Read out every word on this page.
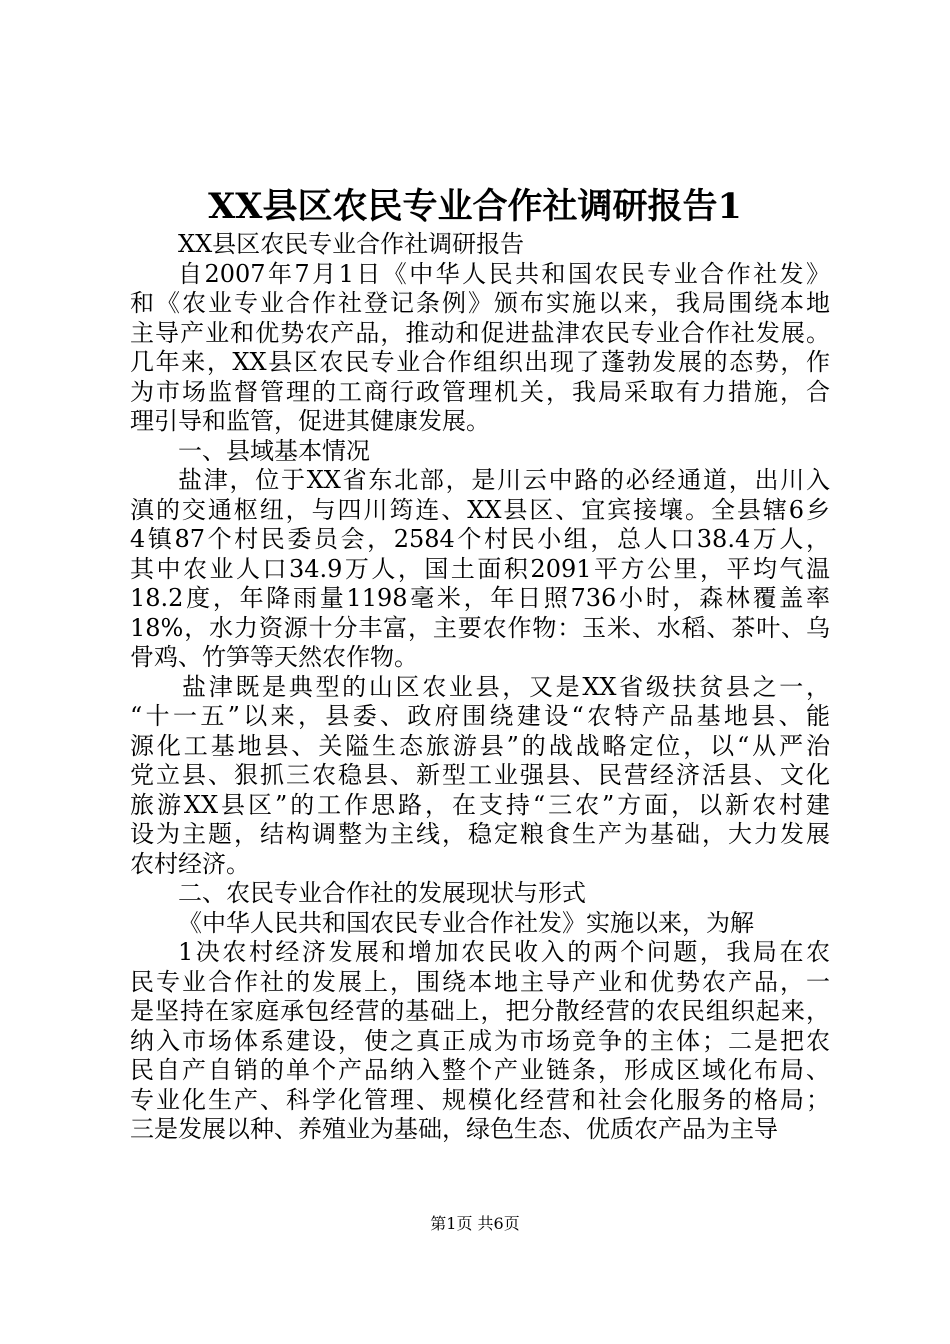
XX县区农民专业合作社调研报告1
XX县区农民专业合作社调研报告
自2007年7月1日《中华人民共和国农民专业合作社发》
和《农业专业合作社登记条例》颁布实施以来，我局围绕本地
主导产业和优势农产品，推动和促进盐津农民专业合作社发展。
几年来，XX县区农民专业合作组织出现了蓬勃发展的态势，作
为市场监督管理的工商行政管理机关，我局采取有力措施，合
理引导和监管，促进其健康发展。
一、县域基本情况
盐津，位于XX省东北部，是川云中路的必经通道，出川入
滇的交通枢纽，与四川筠连、XX县区、宜宾接壤。全县辖6乡
4镇87个村民委员会，2584个村民小组，总人口38.4万人，
其中农业人口34.9万人，国土面积2091平方公里，平均气温
18.2度，年降雨量1198毫米，年日照736小时，森林覆盖率
18%，水力资源十分丰富，主要农作物：玉米、水稻、茶叶、乌
骨鸡、竹笋等天然农作物。
盐津既是典型的山区农业县，又是XX省级扶贫县之一，
“十一五”以来，县委、政府围绕建设“农特产品基地县、能
源化工基地县、关隘生态旅游县”的战战略定位，以“从严治
党立县、狠抓三农稳县、新型工业强县、民营经济活县、文化
旅游XX县区”的工作思路，在支持“三农”方面，以新农村建
设为主题，结构调整为主线，稳定粮食生产为基础，大力发展
农村经济。
二、农民专业合作社的发展现状与形式
《中华人民共和国农民专业合作社发》实施以来，为解
1决农村经济发展和增加农民收入的两个问题，我局在农
民专业合作社的发展上，围绕本地主导产业和优势农产品，一
是坚持在家庭承包经营的基础上，把分散经营的农民组织起来，
纳入市场体系建设，使之真正成为市场竞争的主体；二是把农
民自产自销的单个产品纳入整个产业链条，形成区域化布局、
专业化生产、科学化管理、规模化经营和社会化服务的格局；
三是发展以种、养殖业为基础，绿色生态、优质农产品为主导
第1页 共6页
